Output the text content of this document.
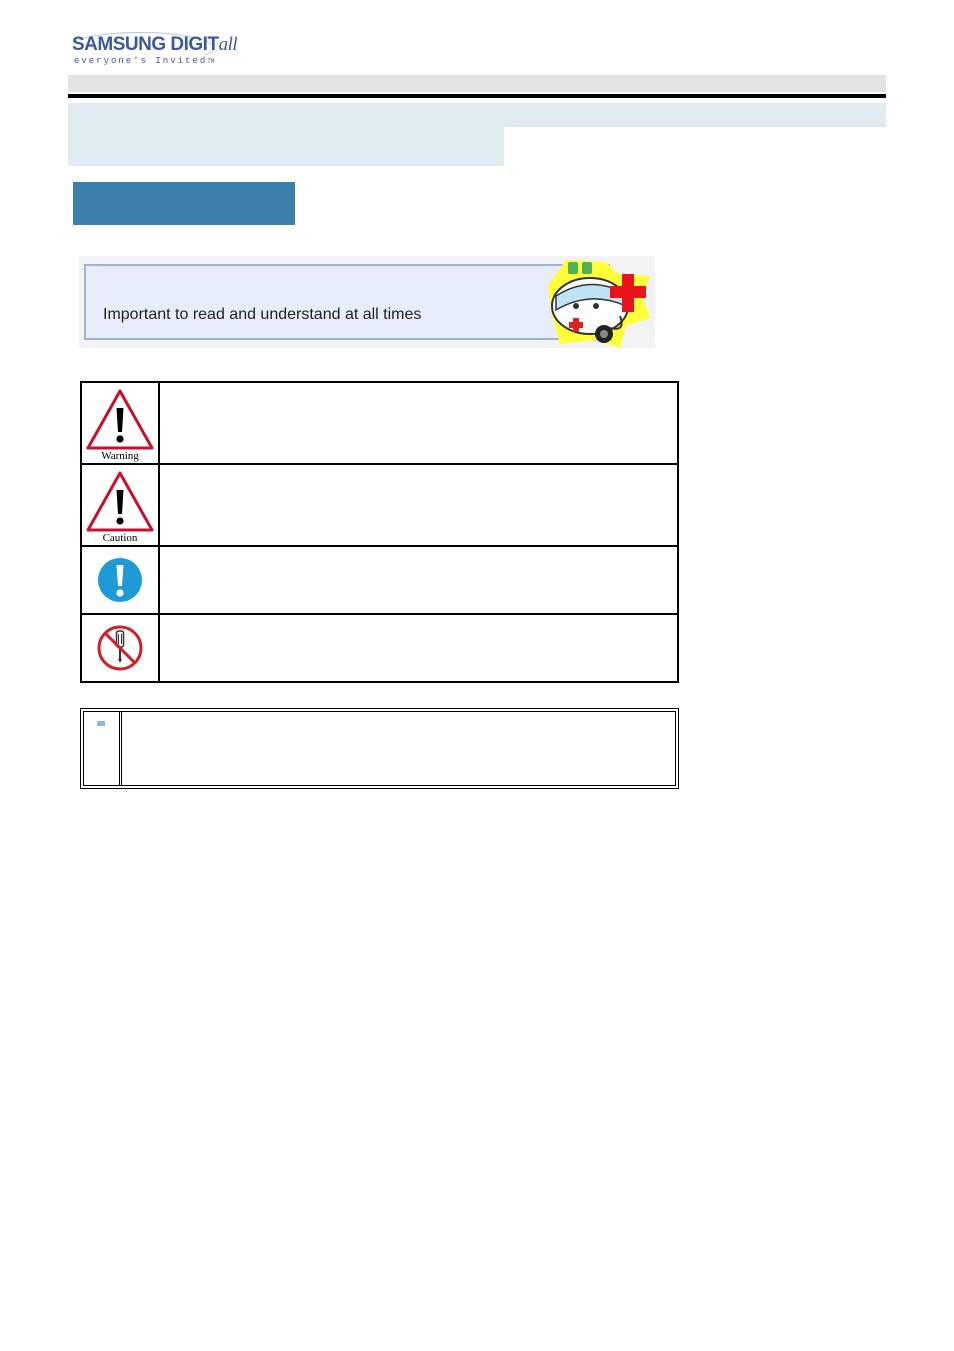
SAMSUNG DIGITall
everyone's InvitedTM
Important to read and understand at all times
Warning	

Caution	
